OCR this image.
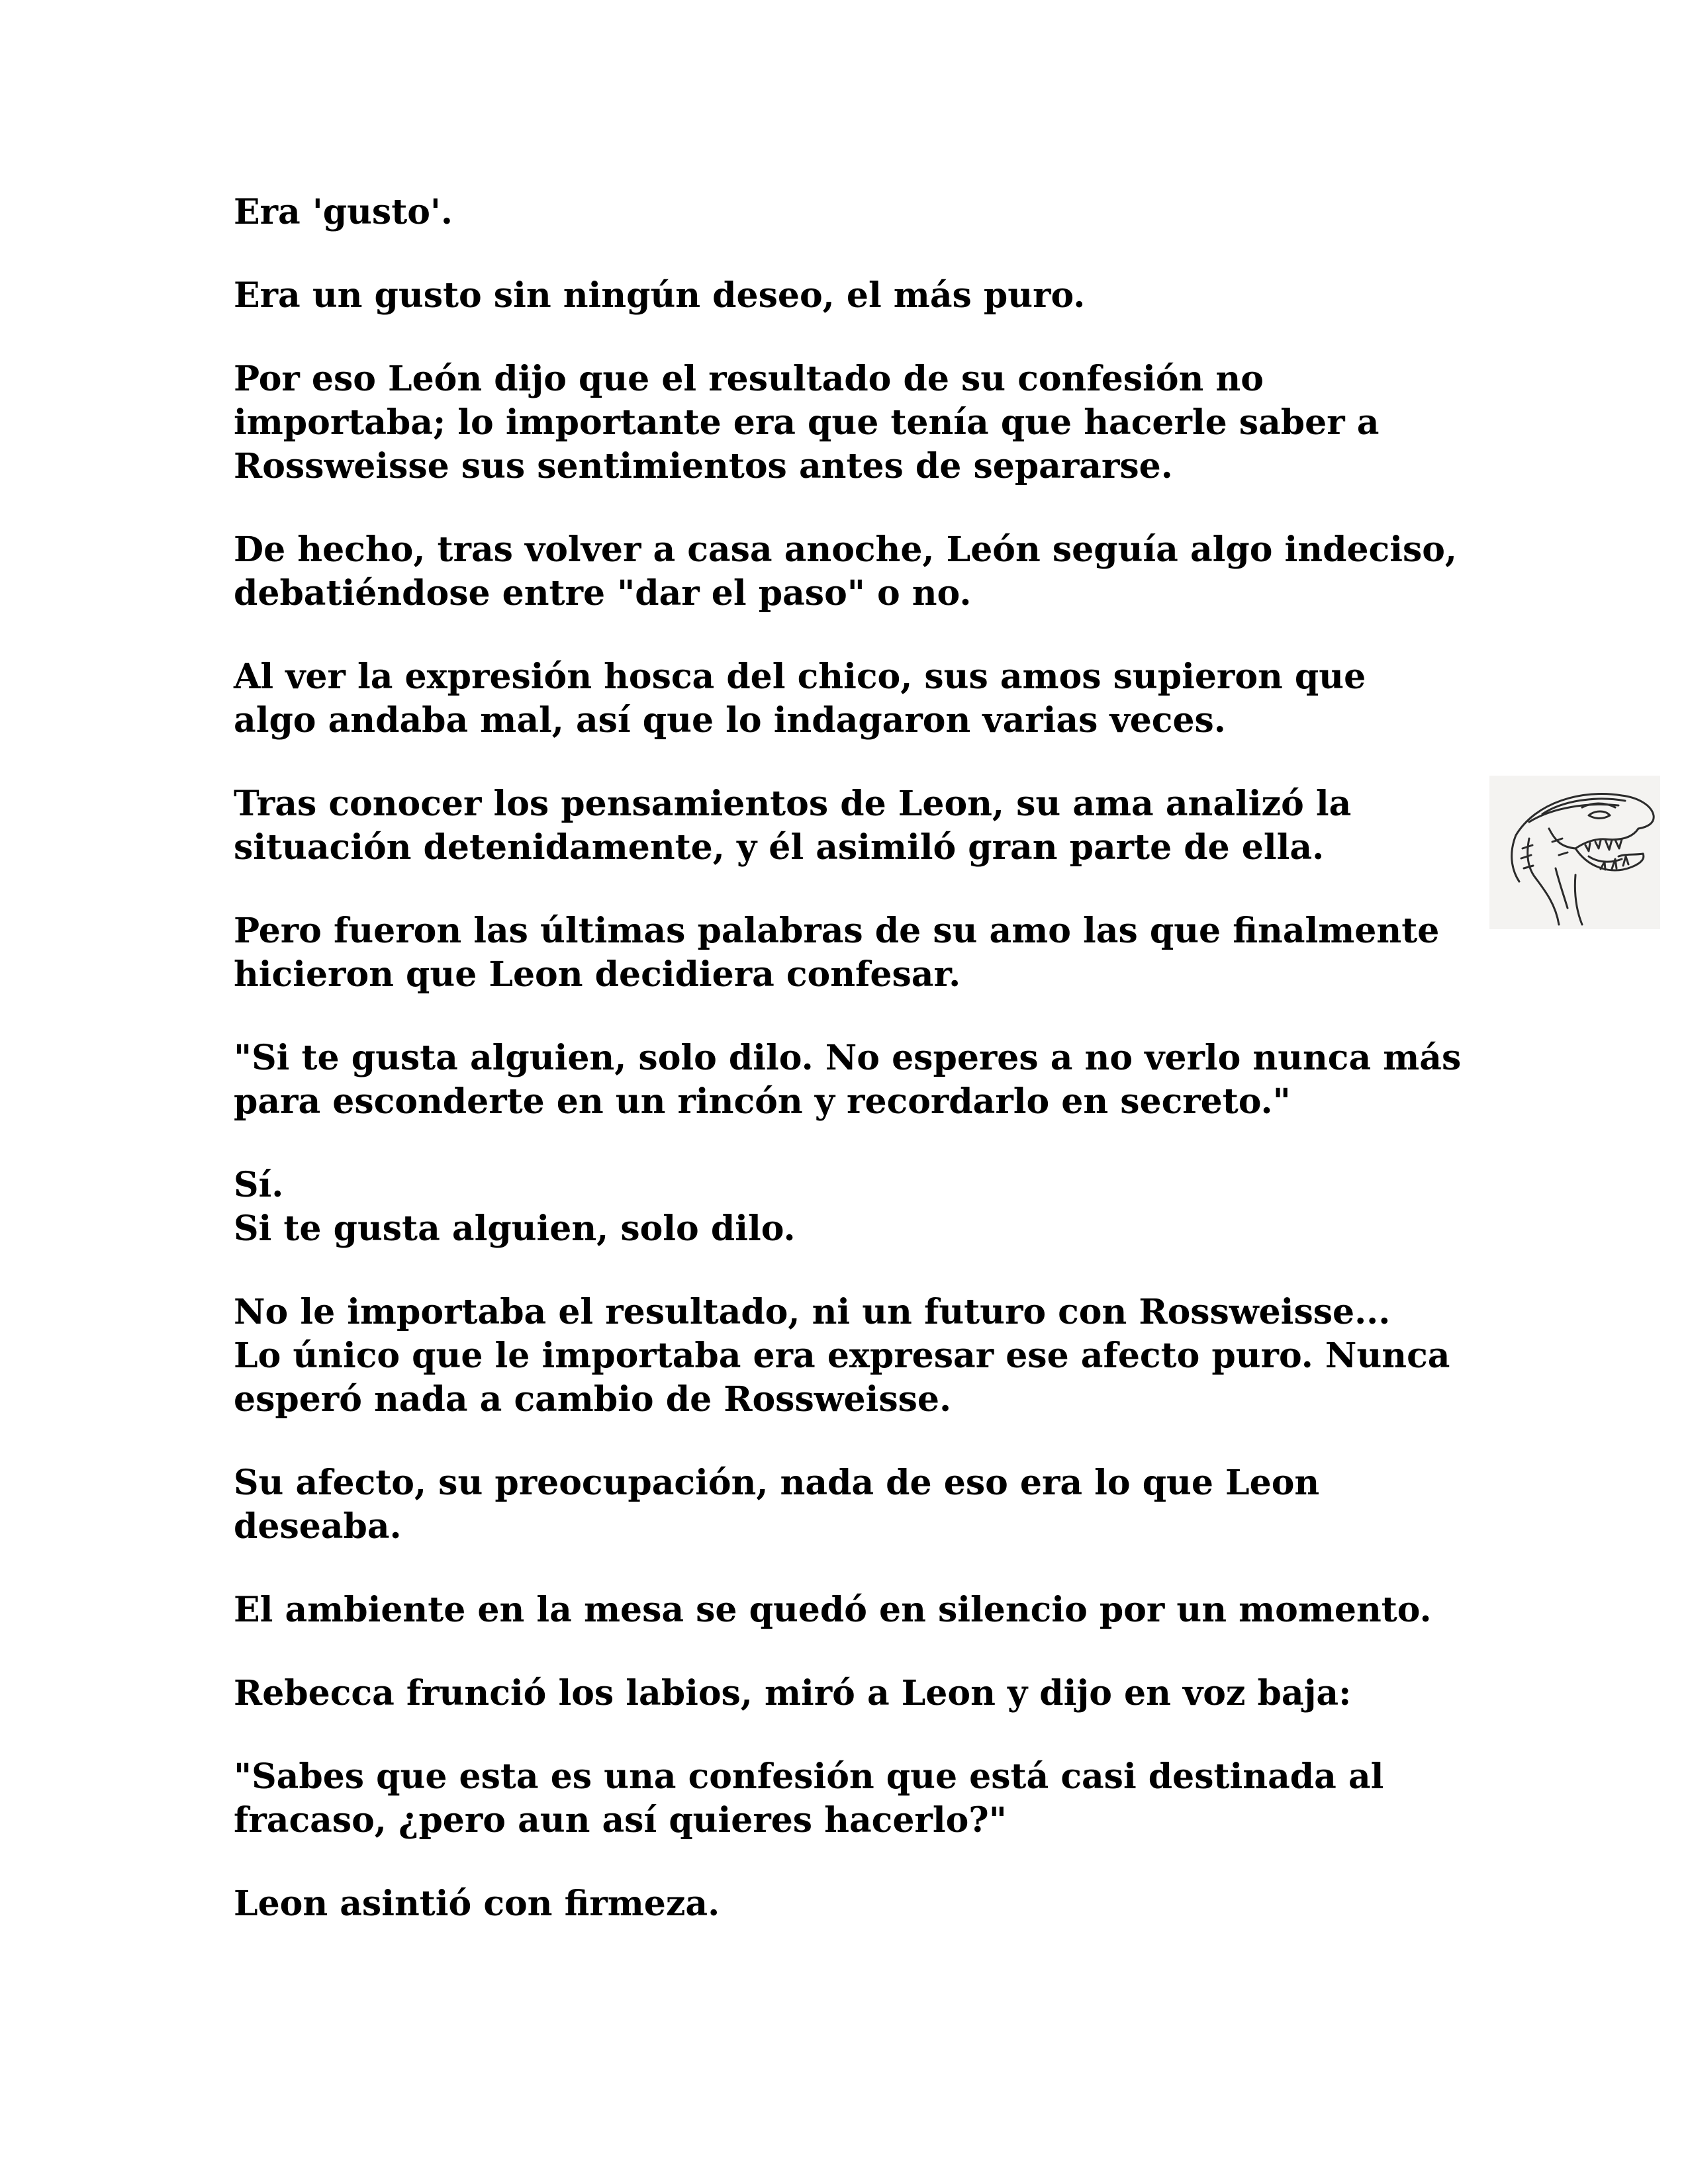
Era 'gusto'.

Era un gusto sin ningún deseo, el más puro.

Por eso León dijo que el resultado de su confesión no
importaba; lo importante era que tenía que hacerle saber a
Rossweisse sus sentimientos antes de separarse.

De hecho, tras volver a casa anoche, León seguía algo indeciso,
debatiéndose entre "dar el paso" o no.

Al ver la expresión hosca del chico, sus amos supieron que
algo andaba mal, así que lo indagaron varias veces.

Tras conocer los pensamientos de Leon, su ama analizó la
situación detenidamente, y él asimiló gran parte de ella.

Pero fueron las últimas palabras de su amo las que finalmente
hicieron que Leon decidiera confesar.

"Si te gusta alguien, solo dilo. No esperes a no verlo nunca más
para esconderte en un rincón y recordarlo en secreto."

Sí.
Si te gusta alguien, solo dilo.

No le importaba el resultado, ni un futuro con Rossweisse...
Lo único que le importaba era expresar ese afecto puro. Nunca
esperó nada a cambio de Rossweisse.

Su afecto, su preocupación, nada de eso era lo que Leon
deseaba.

El ambiente en la mesa se quedó en silencio por un momento.

Rebecca frunció los labios, miró a Leon y dijo en voz baja:

"Sabes que esta es una confesión que está casi destinada al
fracaso, ¿pero aun así quieres hacerlo?"

Leon asintió con firmeza.
